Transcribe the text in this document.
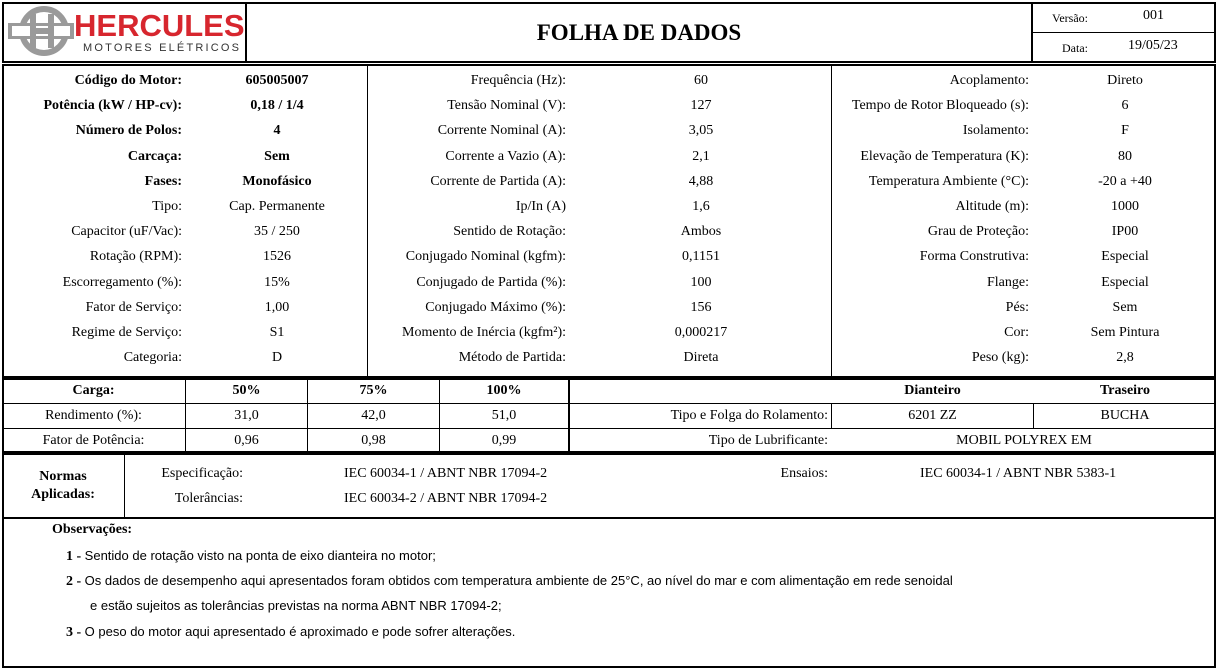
HERCULES
MOTORES ELÉTRICOS
FOLHA DE DADOS
Versão:	001
Data:	19/05/23
Código do Motor:	605005007
Potência (kW / HP-cv):	0,18 / 1/4
Número de Polos:	4
Carcaça:	Sem
Fases:	Monofásico
Tipo:	Cap. Permanente
Capacitor (uF/Vac):	35 / 250
Rotação (RPM):	1526
Escorregamento (%):	15%
Fator de Serviço:	1,00
Regime de Serviço:	S1
Categoria:	D
Frequência (Hz):	60
Tensão Nominal (V):	127
Corrente Nominal (A):	3,05
Corrente a Vazio (A):	2,1
Corrente de Partida (A):	4,88
Ip/In (A)	1,6
Sentido de Rotação:	Ambos
Conjugado Nominal (kgfm):	0,1151
Conjugado de Partida (%):	100
Conjugado Máximo (%):	156
Momento de Inércia (kgfm²):	0,000217
Método de Partida:	Direta
Acoplamento:	Direto
Tempo de Rotor Bloqueado (s):	6
Isolamento:	F
Elevação de Temperatura (K):	80
Temperatura Ambiente (°C):	-20 a +40
Altitude (m):	1000
Grau de Proteção:	IP00
Forma Construtiva:	Especial
Flange:	Especial
Pés:	Sem
Cor:	Sem Pintura
Peso (kg):	2,8
Carga:	50%	75%	100%
Rendimento (%):	31,0	42,0	51,0
Fator de Potência:	0,96	0,98	0,99
Dianteiro	Traseiro
Tipo e Folga do Rolamento:	6201 ZZ	BUCHA
Tipo de Lubrificante:	MOBIL POLYREX EM
Normas
Aplicadas:
Especificação:	IEC 60034-1 / ABNT NBR 17094-2
Tolerâncias:	IEC 60034-2 / ABNT NBR 17094-2
Ensaios:	IEC 60034-1 / ABNT NBR 5383-1
Observações:
1 - Sentido de rotação visto na ponta de eixo dianteira no motor;
2 - Os dados de desempenho aqui apresentados foram obtidos com temperatura ambiente de 25°C, ao nível do mar e com alimentação em rede senoidal
e estão sujeitos as tolerâncias previstas na norma ABNT NBR 17094-2;
3 - O peso do motor aqui apresentado é aproximado e pode sofrer alterações.
